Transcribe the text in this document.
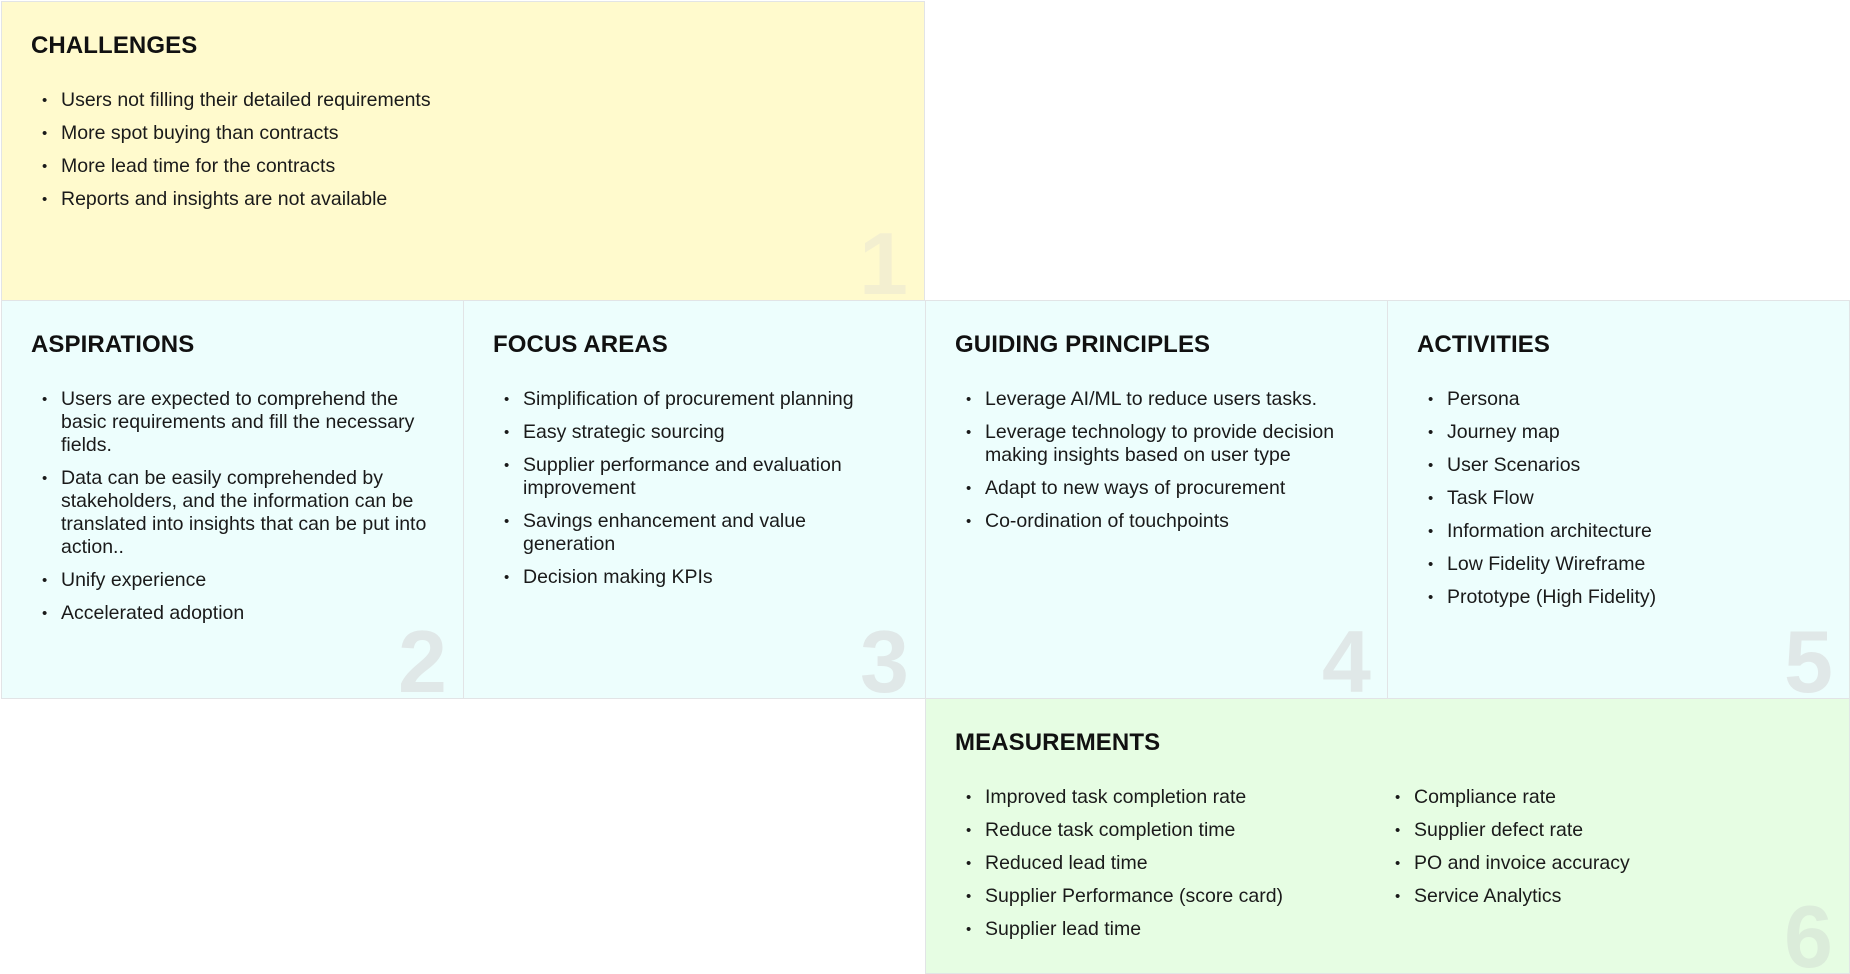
CHALLENGES
• Users not filling their detailed requirements
• More spot buying than contracts
• More lead time for the contracts
• Reports and insights are not available
1
ASPIRATIONS
• Users are expected to comprehend the basic requirements and fill the necessary fields.
• Data can be easily comprehended by stakeholders, and the information can be translated into insights that can be put into action..
• Unify experience
• Accelerated adoption	2
FOCUS AREAS
• Simplification of procurement planning
• Easy strategic sourcing
• Supplier performance and evaluation improvement
• Savings enhancement and value generation
• Decision making KPIs
3
GUIDING PRINCIPLES
• Leverage AI/ML to reduce users tasks.
• Leverage technology to provide decision making insights based on user type
• Adapt to new ways of procurement
• Co-ordination of touchpoints
4
ACTIVITIES
• Persona
• Journey map
• User Scenarios
• Task Flow
• Information architecture
• Low Fidelity Wireframe
• Prototype (High Fidelity)
5
MEASUREMENTS
• Improved task completion rate
• Reduce task completion time
• Reduced lead time
• Supplier Performance (score card)
• Supplier lead time
• Compliance rate
• Supplier defect rate
• PO and invoice accuracy
• Service Analytics	6
